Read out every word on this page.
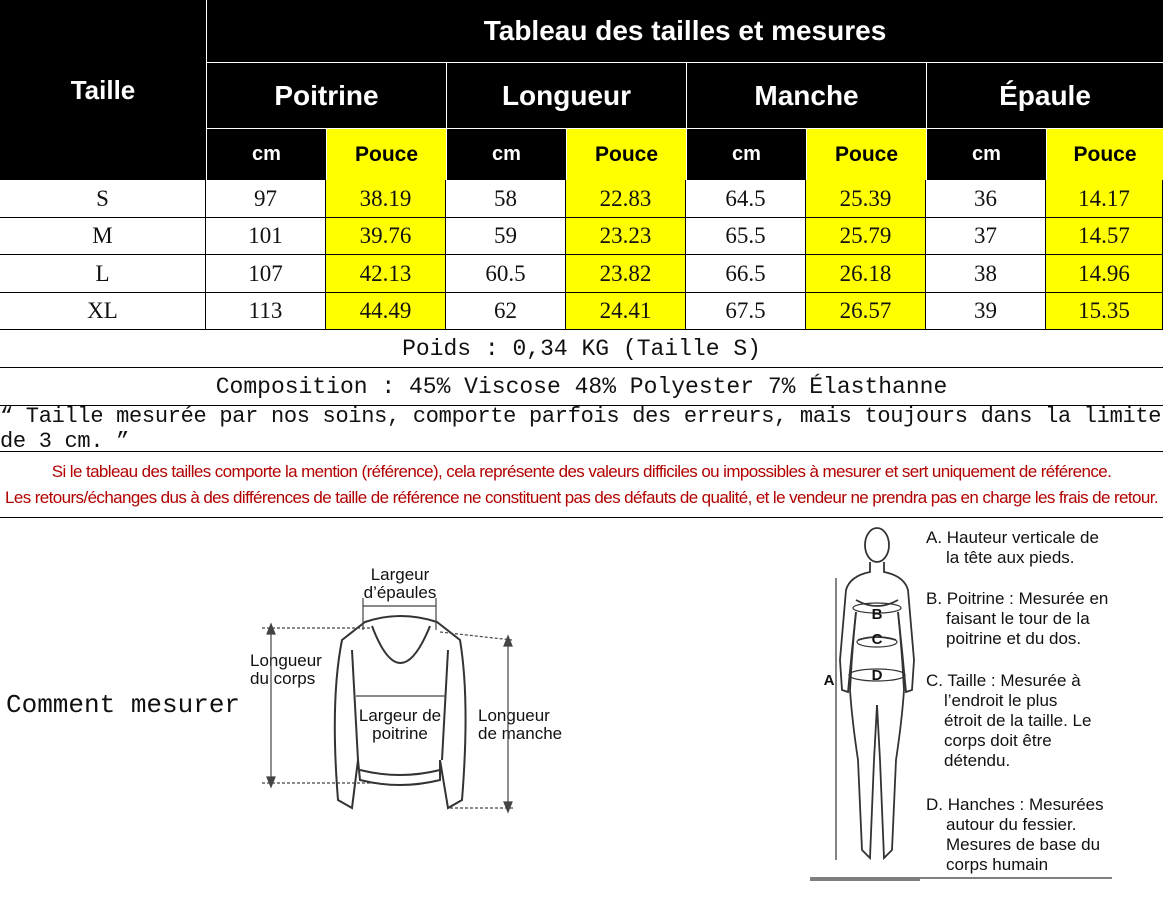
Taille
Tableau des tailles et mesures
Poitrine	Longueur	Manche	Épaule
cm	Pouce	cm	Pouce	cm	Pouce	cm	Pouce
S	97	38.19	58	22.83	64.5	25.39	36	14.17
M	101	39.76	59	23.23	65.5	25.79	37	14.57
L	107	42.13	60.5	23.82	66.5	26.18	38	14.96
XL	113	44.49	62	24.41	67.5	26.57	39	15.35
Poids : 0,34 KG (Taille S)
Composition : 45% Viscose 48% Polyester 7% Élasthanne
“ Taille mesurée par nos soins, comporte parfois des erreurs, mais toujours dans la limite de 3 cm. ”
Si le tableau des tailles comporte la mention (référence), cela représente des valeurs difficiles ou impossibles à mesurer et sert uniquement de référence.
Les retours/échanges dus à des différences de taille de référence ne constituent pas des défauts de qualité, et le vendeur ne prendra pas en charge les frais de retour.
Comment mesurer
Largeur
d’épaules
Longueur
du corps
Largeur de
poitrine
Longueur
de manche
A
B
C
D
A. Hauteur verticale de
la tête aux pieds.
B. Poitrine : Mesurée en
faisant le tour de la
poitrine et du dos.
C. Taille : Mesurée à
l’endroit le plus
étroit de la taille. Le
corps doit être
détendu.
D. Hanches : Mesurées
autour du fessier.
Mesures de base du
corps humain
